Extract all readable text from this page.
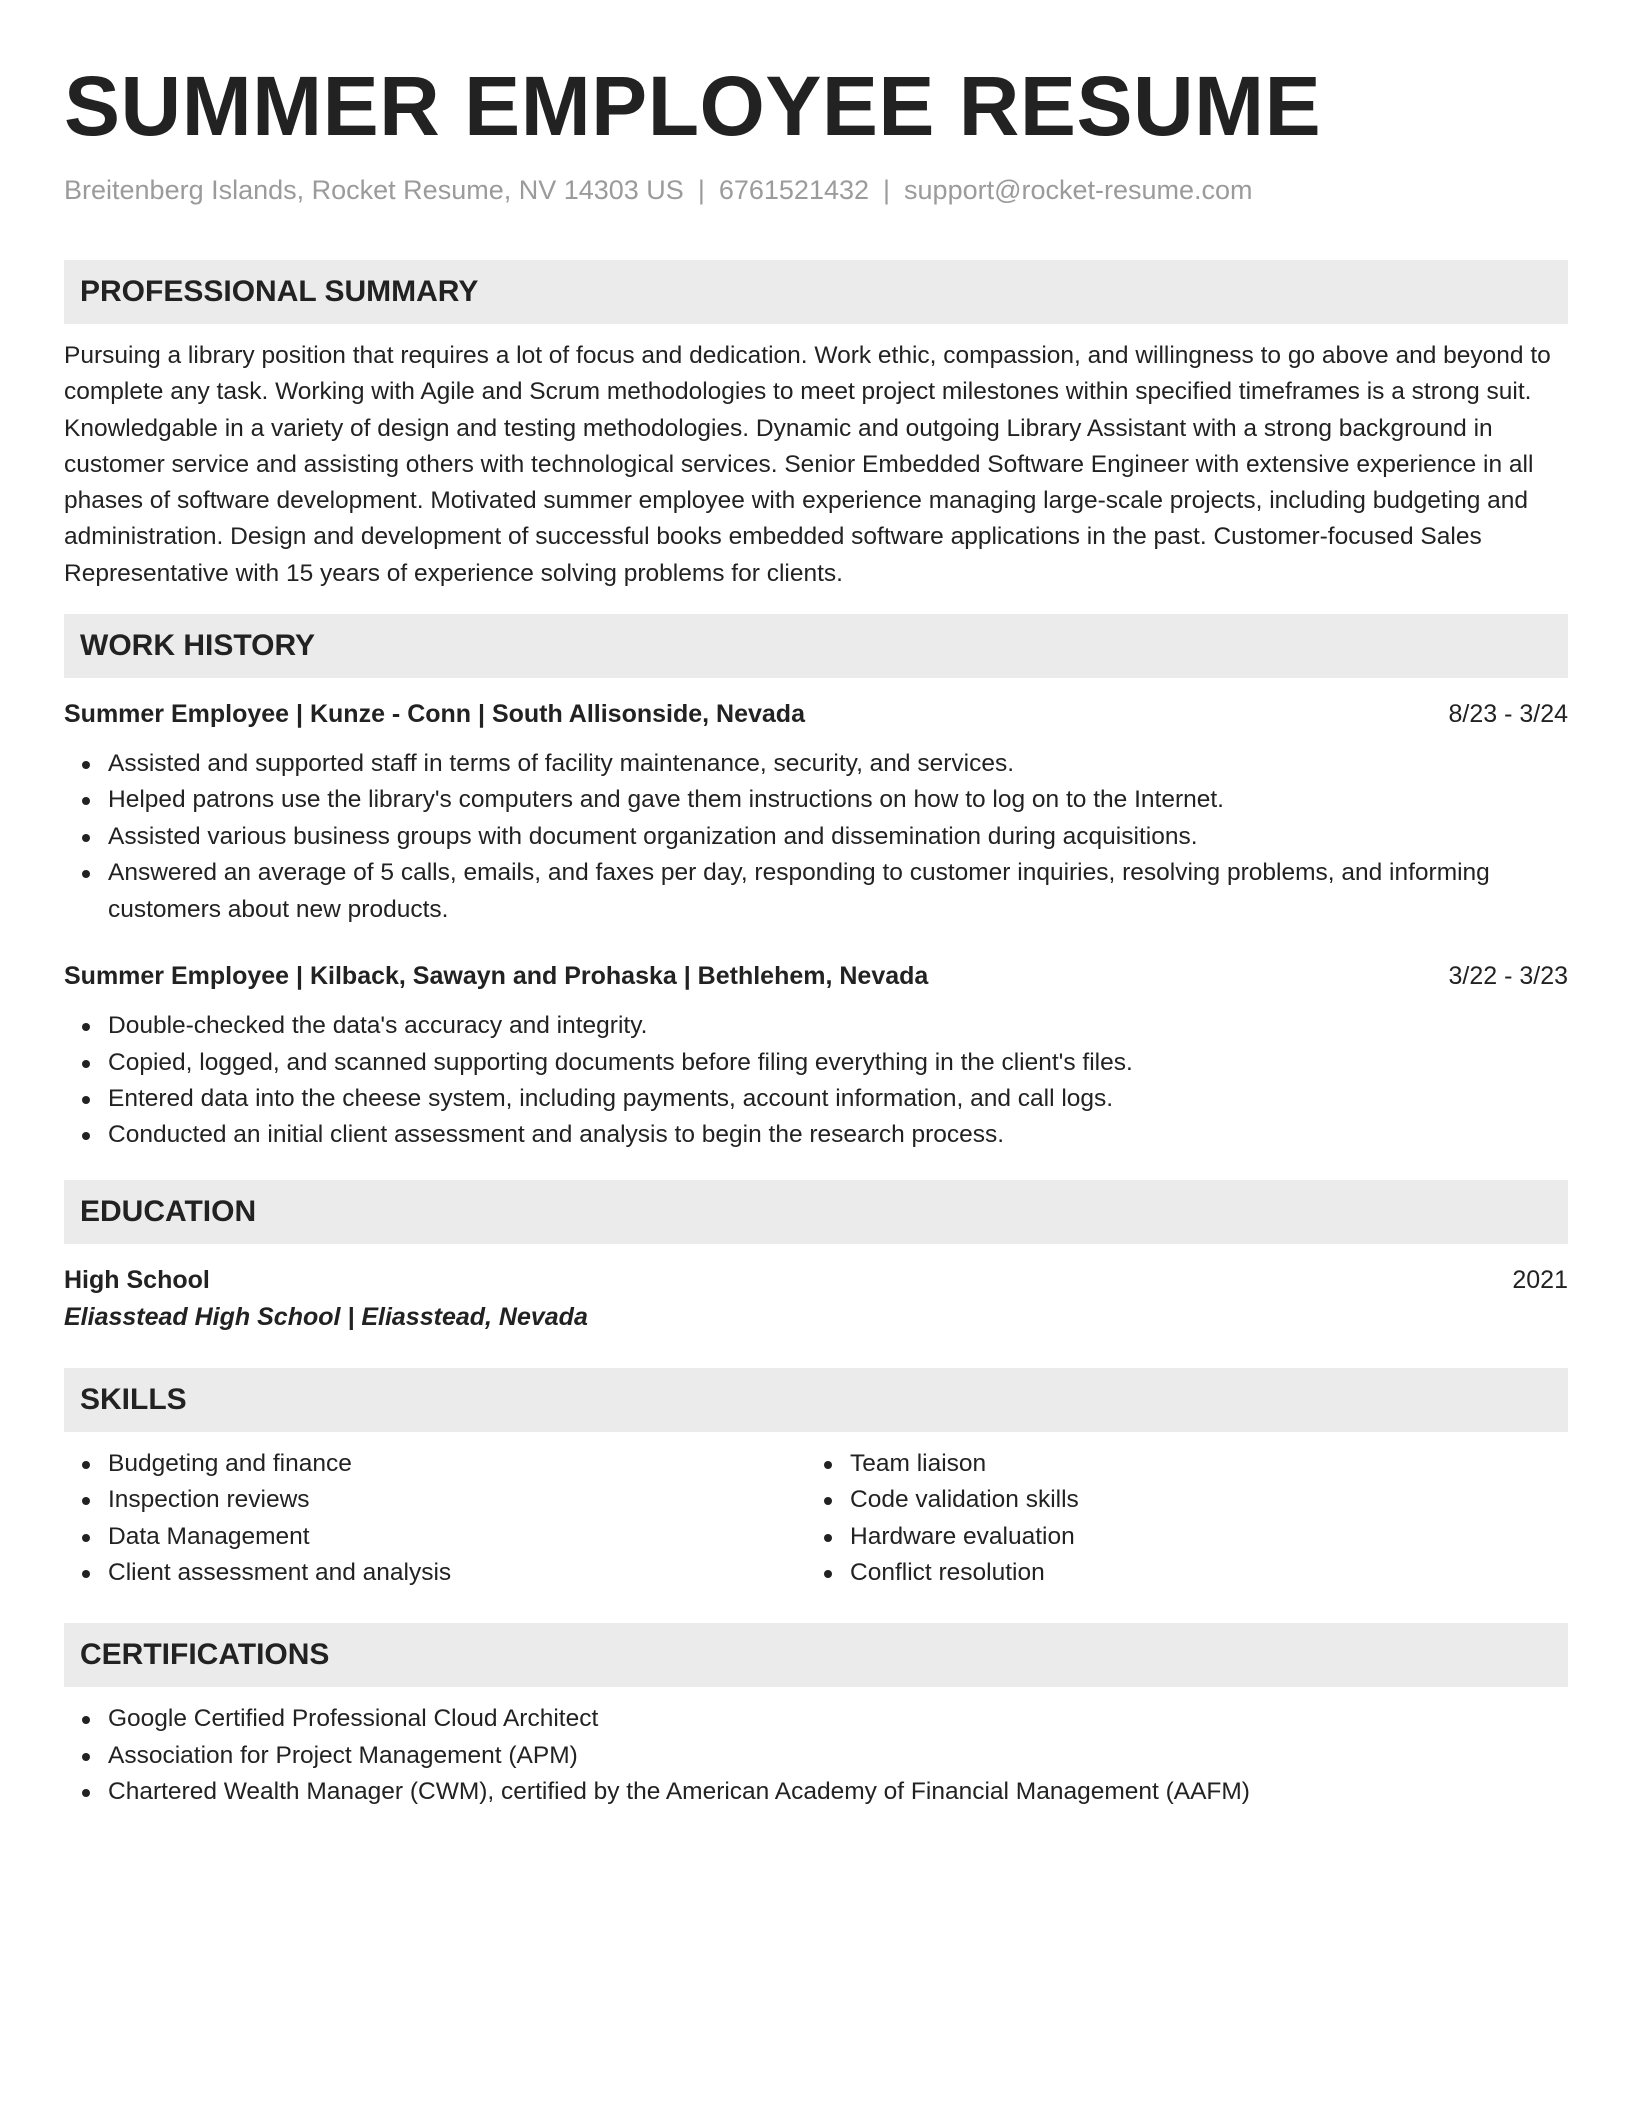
SUMMER EMPLOYEE RESUME
Breitenberg Islands, Rocket Resume, NV 14303 US | 6761521432 | support@rocket-resume.com
PROFESSIONAL SUMMARY

Pursuing a library position that requires a lot of focus and dedication. Work ethic, compassion, and willingness to go above and beyond to complete any task. Working with Agile and Scrum methodologies to meet project milestones within specified timeframes is a strong suit. Knowledgable in a variety of design and testing methodologies. Dynamic and outgoing Library Assistant with a strong background in customer service and assisting others with technological services. Senior Embedded Software Engineer with extensive experience in all phases of software development. Motivated summer employee with experience managing large-scale projects, including budgeting and administration. Design and development of successful books embedded software applications in the past. Customer-focused Sales Representative with 15 years of experience solving problems for clients.

WORK HISTORY
Summer Employee | Kunze - Conn | South Allisonside, Nevada	8/23 - 3/24
Assisted and supported staff in terms of facility maintenance, security, and services.
Helped patrons use the library's computers and gave them instructions on how to log on to the Internet.
Assisted various business groups with document organization and dissemination during acquisitions.
Answered an average of 5 calls, emails, and faxes per day, responding to customer inquiries, resolving problems, and informing customers about new products.
Summer Employee | Kilback, Sawayn and Prohaska | Bethlehem, Nevada	3/22 - 3/23
Double-checked the data's accuracy and integrity.
Copied, logged, and scanned supporting documents before filing everything in the client's files.
Entered data into the cheese system, including payments, account information, and call logs.
Conducted an initial client assessment and analysis to begin the research process.
EDUCATION
High School	2021
Eliasstead High School | Eliasstead, Nevada
SKILLS
Budgeting and finance
Inspection reviews
Data Management
Client assessment and analysis
Team liaison
Code validation skills
Hardware evaluation
Conflict resolution
CERTIFICATIONS
Google Certified Professional Cloud Architect
Association for Project Management (APM)
Chartered Wealth Manager (CWM), certified by the American Academy of Financial Management (AAFM)
